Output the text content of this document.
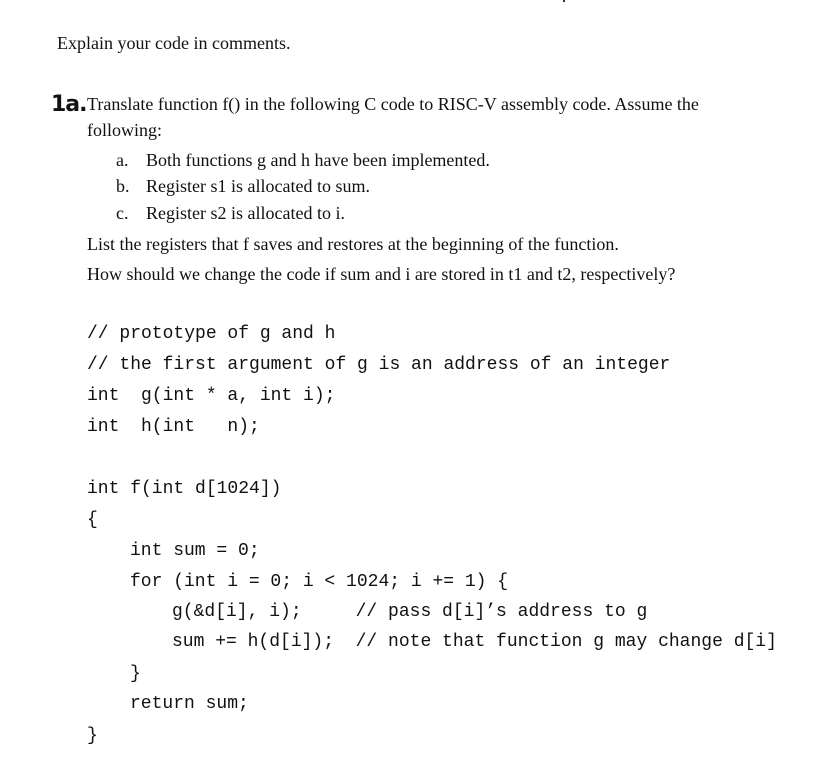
Explain your code in comments.
1a. Translate function f() in the following C code to RISC-V assembly code. Assume the
following:
a. Both functions g and h have been implemented.
b. Register s1 is allocated to sum.
c. Register s2 is allocated to i.
List the registers that f saves and restores at the beginning of the function.
How should we change the code if sum and i are stored in t1 and t2, respectively?
// prototype of g and h
// the first argument of g is an address of an integer
int  g(int * a, int i);
int  h(int   n);
int f(int d[1024])
{
int sum = 0;
for (int i = 0; i < 1024; i += 1) {
g(&d[i], i);     // pass d[i]’s address to g
sum += h(d[i]);  // note that function g may change d[i]
}
return sum;
}
